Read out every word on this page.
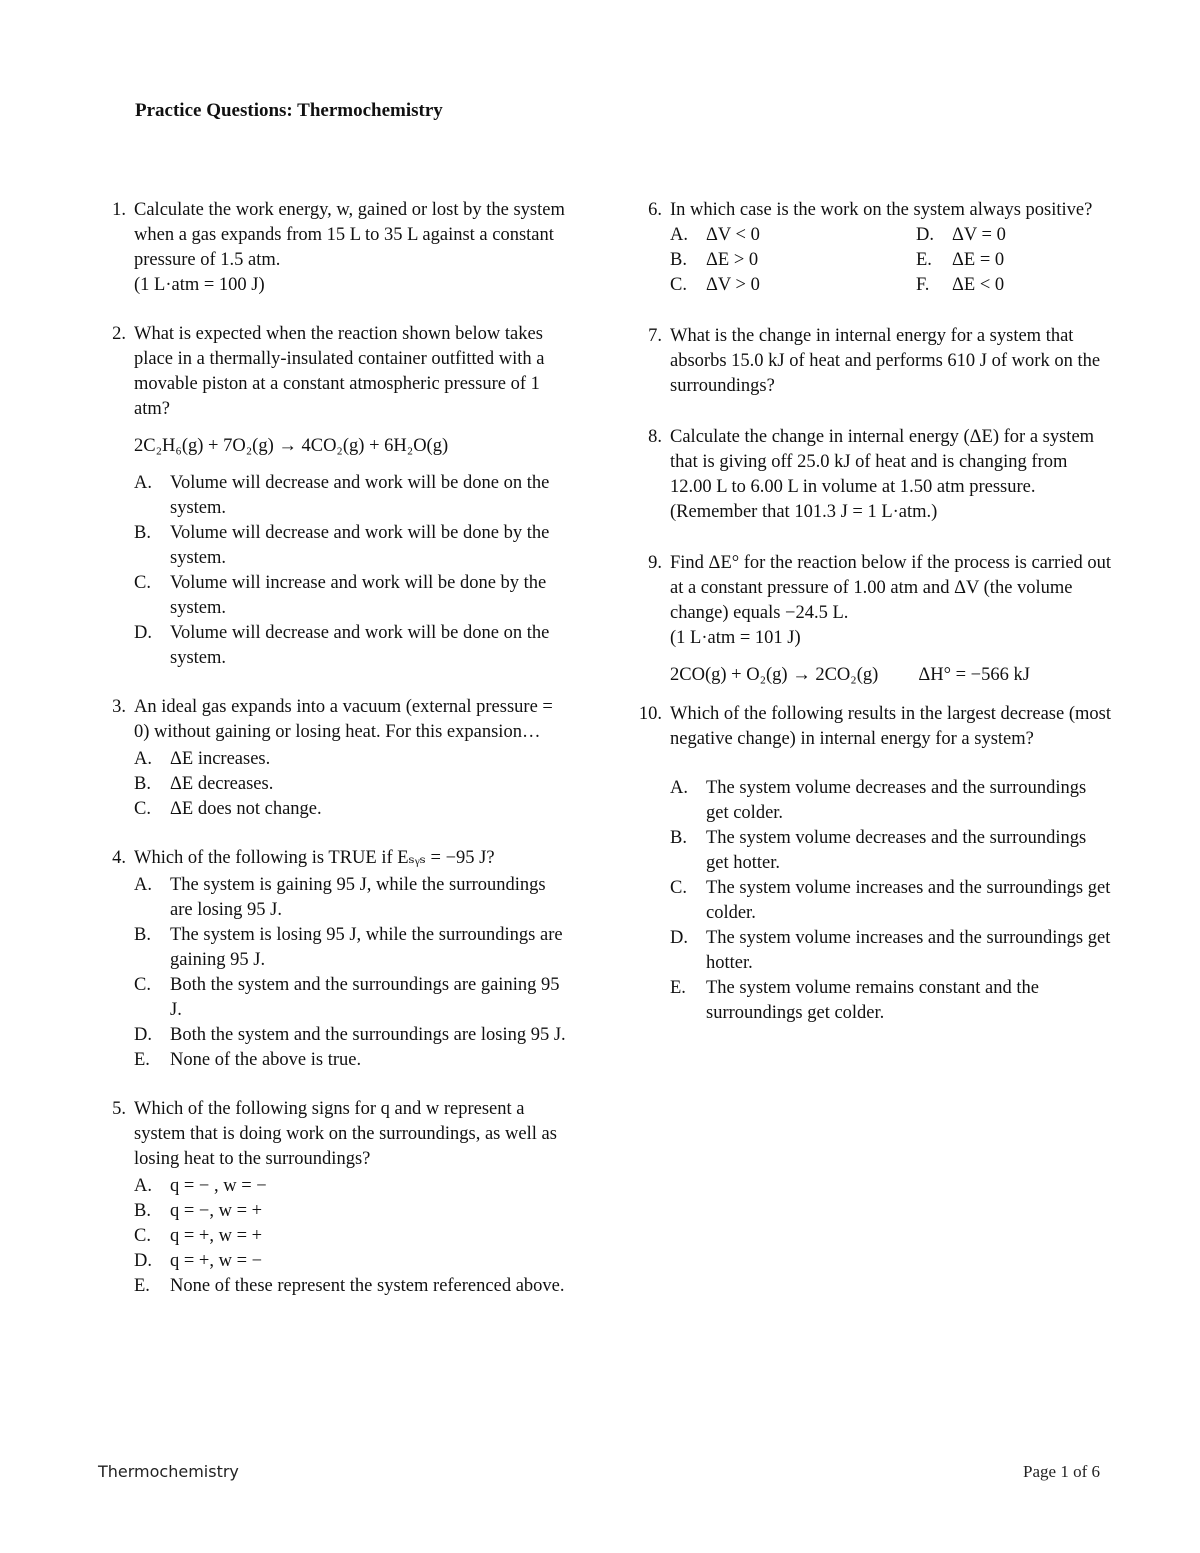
Practice Questions: Thermochemistry
1. Calculate the work energy, w, gained or lost by the system when a gas expands from 15 L to 35 L against a constant pressure of 1.5 atm.
(1 L·atm = 100 J)
2. What is expected when the reaction shown below takes place in a thermally-insulated container outfitted with a movable piston at a constant atmospheric pressure of 1 atm?
2C₂H₆(g) + 7O₂(g) → 4CO₂(g) + 6H₂O(g)
A. Volume will decrease and work will be done on the system.
B. Volume will decrease and work will be done by the system.
C. Volume will increase and work will be done by the system.
D. Volume will decrease and work will be done on the system.
3. An ideal gas expands into a vacuum (external pressure = 0) without gaining or losing heat. For this expansion…
A. ΔE increases.
B. ΔE decreases.
C. ΔE does not change.
4. Which of the following is TRUE if Eₛᵧₛ = −95 J?
A. The system is gaining 95 J, while the surroundings are losing 95 J.
B. The system is losing 95 J, while the surroundings are gaining 95 J.
C. Both the system and the surroundings are gaining 95 J.
D. Both the system and the surroundings are losing 95 J.
E. None of the above is true.
5. Which of the following signs for q and w represent a system that is doing work on the surroundings, as well as losing heat to the surroundings?
A. q = − , w = −
B. q = −, w = +
C. q = +, w = +
D. q = +, w = −
E. None of these represent the system referenced above.
6. In which case is the work on the system always positive?
A. ΔV < 0	D. ΔV = 0
B. ΔE > 0	E. ΔE = 0
C. ΔV > 0	F. ΔE < 0
7. What is the change in internal energy for a system that absorbs 15.0 kJ of heat and performs 610 J of work on the surroundings?
8. Calculate the change in internal energy (ΔE) for a system that is giving off 25.0 kJ of heat and is changing from 12.00 L to 6.00 L in volume at 1.50 atm pressure.
(Remember that 101.3 J = 1 L·atm.)
9. Find ΔE° for the reaction below if the process is carried out at a constant pressure of 1.00 atm and ΔV (the volume change) equals −24.5 L.
(1 L·atm = 101 J)
2CO(g) + O₂(g) → 2CO₂(g) ΔH° = −566 kJ
10. Which of the following results in the largest decrease (most negative change) in internal energy for a system?
A. The system volume decreases and the surroundings get colder.
B. The system volume decreases and the surroundings get hotter.
C. The system volume increases and the surroundings get colder.
D. The system volume increases and the surroundings get hotter.
E. The system volume remains constant and the surroundings get colder.
Thermochemistry	Page 1 of 6
